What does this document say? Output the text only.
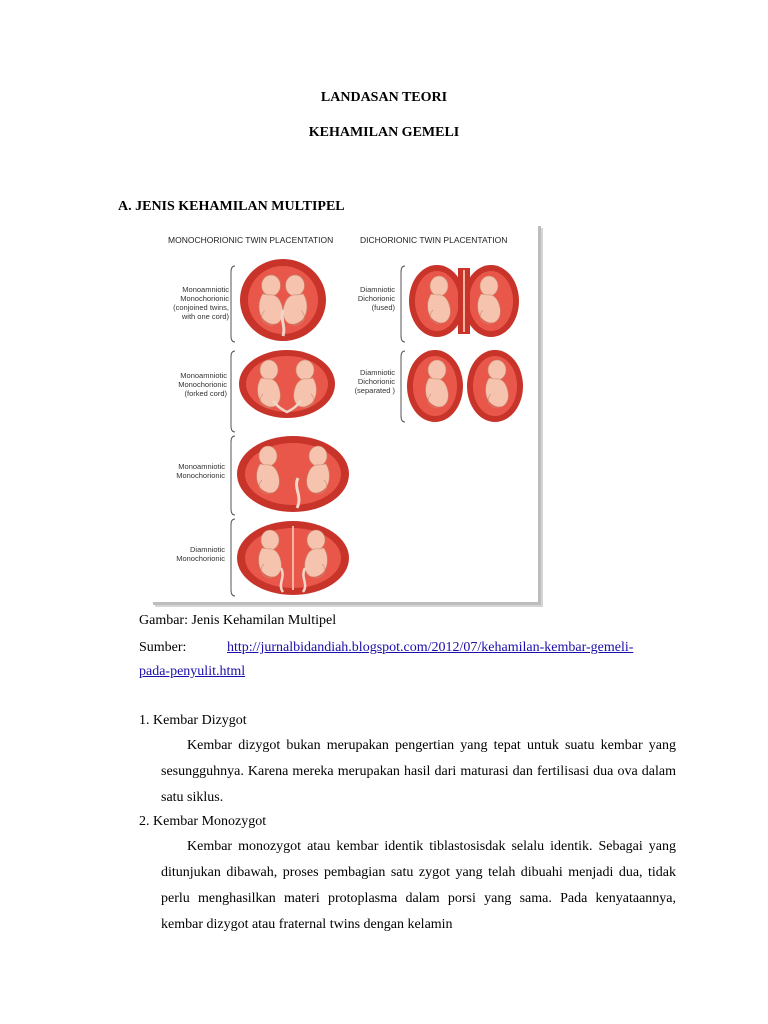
LANDASAN TEORI
KEHAMILAN GEMELI
A. JENIS KEHAMILAN MULTIPEL
MONOCHORIONIC TWIN PLACENTATION	DICHORIONIC TWIN PLACENTATION
Monoamniotic
Monochorionic
(conjoined twins,
with one cord)
Monoamniotic
Monochorionic
(forked cord)
Monoamniotic
Monochorionic
Diamniotic
Monochorionic
Diamniotic
Dichorionic
(fused)
Diamniotic
Dichorionic
(separated )
Gambar: Jenis Kehamilan Multipel
Sumber:	http://jurnalbidandiah.blogspot.com/2012/07/kehamilan-kembar-gemeli-
pada-penyulit.html
1. Kembar Dizygot
Kembar dizygot bukan merupakan pengertian yang tepat untuk suatu kembar yang sesungguhnya. Karena mereka merupakan hasil dari maturasi dan fertilisasi dua ova dalam satu siklus.
2. Kembar Monozygot
Kembar monozygot atau kembar identik tiblastosisdak selalu identik. Sebagai yang ditunjukan dibawah, proses pembagian satu zygot yang telah dibuahi menjadi dua, tidak perlu menghasilkan materi protoplasma dalam porsi yang sama. Pada kenyataannya, kembar dizygot atau fraternal twins dengan kelamin
